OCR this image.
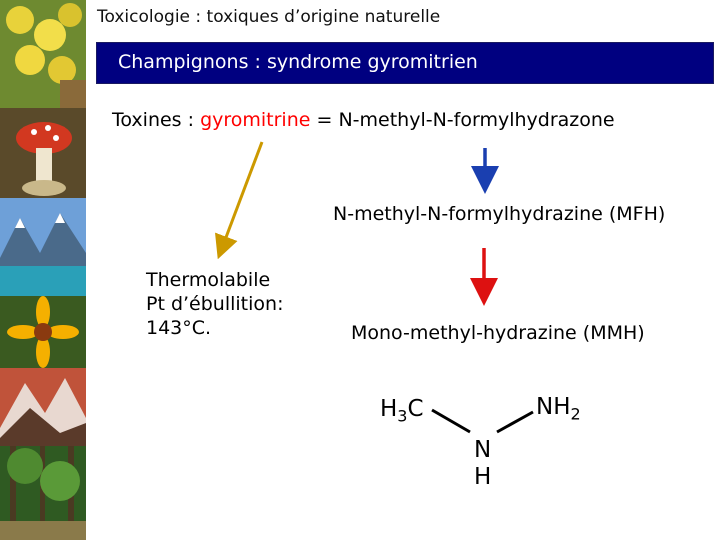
Toxicologie : toxiques d’origine naturelle
Champignons : syndrome gyromitrien
Toxines : gyromitrine = N-methyl-N-formylhydrazone
N-methyl-N-formylhydrazine (MFH)
Thermolabile
Pt d’ébullition:
143°C.	Mono-methyl-hydrazine (MMH)
$H_3C$	$NH_2$
N
H
